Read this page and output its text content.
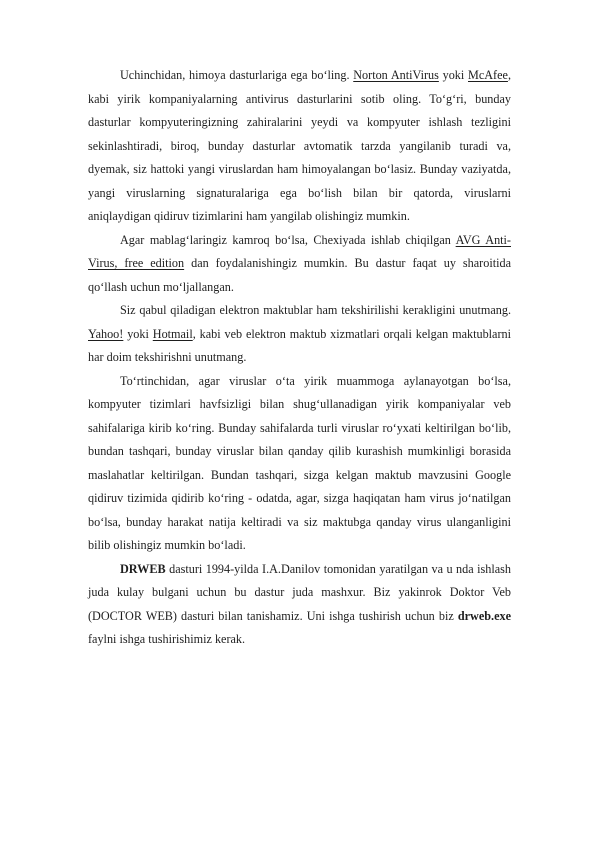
Uchinchidan, himoya dasturlariga ega bo‘ling. Norton AntiVirus yoki McAfee, kabi yirik kompaniyalarning antivirus dasturlarini sotib oling. To‘g‘ri, bunday dasturlar kompyuteringizning zahiralarini yeydi va kompyuter ishlash tezligini sekinlashtiradi, biroq, bunday dasturlar avtomatik tarzda yangilanib turadi va, dyemak, siz hattoki yangi viruslardan ham himoyalangan bo‘lasiz. Bunday vaziyatda, yangi viruslarning signaturalariga ega bo‘lish bilan bir qatorda, viruslarni aniqlaydigan qidiruv tizimlarini ham yangilab olishingiz mumkin.

Agar mablag‘laringiz kamroq bo‘lsa, Chexiyada ishlab chiqilgan AVG Anti-Virus, free edition dan foydalanishingiz mumkin. Bu dastur faqat uy sharoitida qo‘llash uchun mo‘ljallangan.

Siz qabul qiladigan elektron maktublar ham tekshirilishi kerakligini unutmang. Yahoo! yoki Hotmail, kabi veb elektron maktub xizmatlari orqali kelgan maktublarni har doim tekshirishni unutmang.

To‘rtinchidan, agar viruslar o‘ta yirik muammoga aylanayotgan bo‘lsa, kompyuter tizimlari havfsizligi bilan shug‘ullanadigan yirik kompaniyalar veb sahifalariga kirib ko‘ring. Bunday sahifalarda turli viruslar ro‘yxati keltirilgan bo‘lib, bundan tashqari, bunday viruslar bilan qanday qilib kurashish mumkinligi borasida maslahatlar keltirilgan. Bundan tashqari, sizga kelgan maktub mavzusini Google qidiruv tizimida qidirib ko‘ring - odatda, agar, sizga haqiqatan ham virus jo‘natilgan bo‘lsa, bunday harakat natija keltiradi va siz maktubga qanday virus ulanganligini bilib olishingiz mumkin bo‘ladi.

DRWEB dasturi 1994-yilda I.A.Danilov tomonidan yaratilgan va u nda ishlash juda kulay bulgani uchun bu dastur juda mashxur. Biz yakinrok Doktor Veb (DOCTOR WEB) dasturi bilan tanishamiz. Uni ishga tushirish uchun biz drweb.exe faylni ishga tushirishimiz kerak.
